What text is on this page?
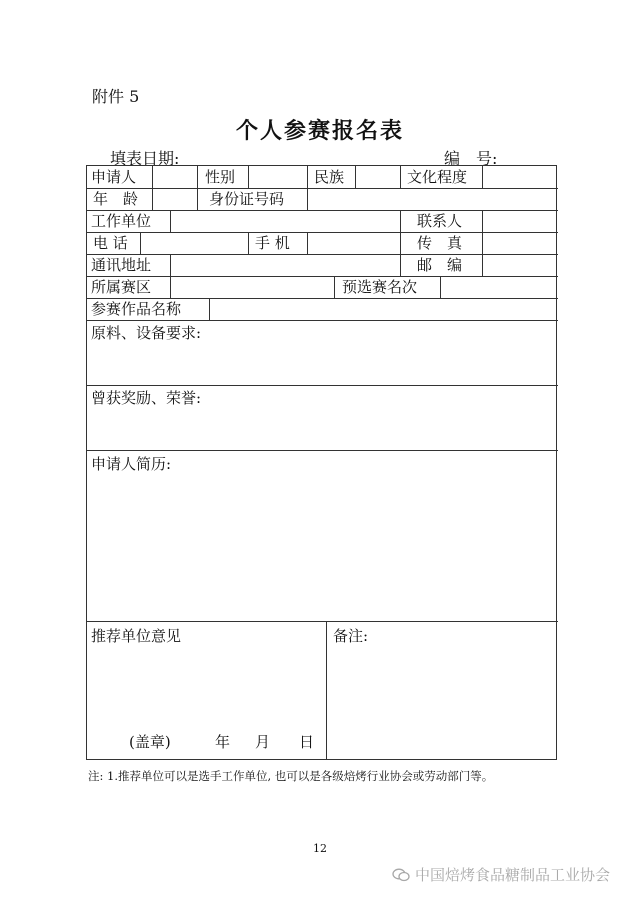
附件 5
个人参赛报名表
填表日期:	编　号:
申请人	性别	民族	文化程度
年　龄	身份证号码
工作单位	联系人
电 话	手 机	传　真
通讯地址	邮　编
所属赛区	预选赛名次
参赛作品名称
原料、设备要求:
曾获奖励、荣誉:
申请人简历:
推荐单位意见	备注:
(盖章)	年 月 日
注: 1.推荐单位可以是选手工作单位, 也可以是各级焙烤行业协会或劳动部门等。
12
中国焙烤食品糖制品工业协会
